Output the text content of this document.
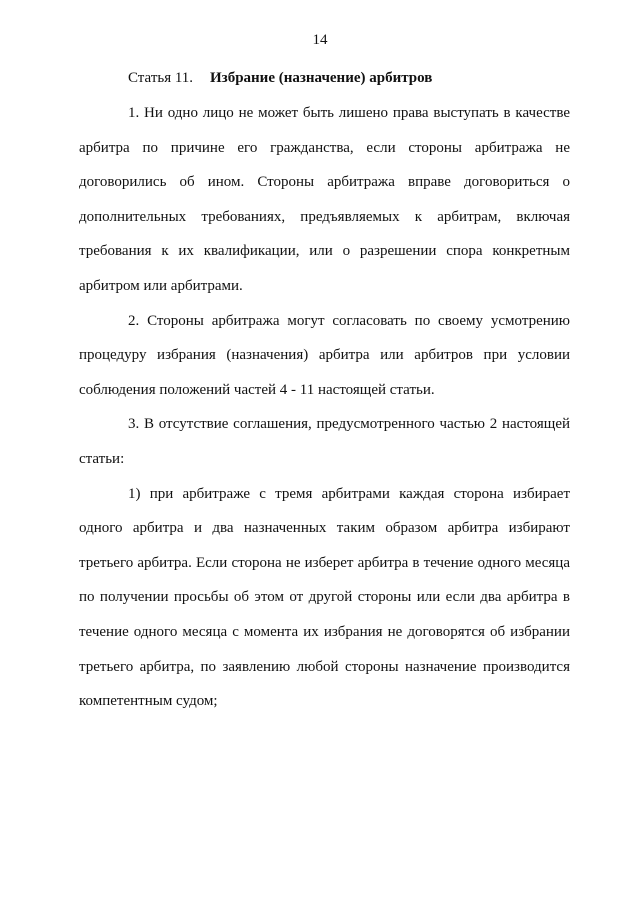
14
Статья 11. Избрание (назначение) арбитров

1. Ни одно лицо не может быть лишено права выступать в качестве арбитра по причине его гражданства, если стороны арбитража не договорились об ином. Стороны арбитража вправе договориться о дополнительных требованиях, предъявляемых к арбитрам, включая требования к их квалификации, или о разрешении спора конкретным арбитром или арбитрами.

2. Стороны арбитража могут согласовать по своему усмотрению процедуру избрания (назначения) арбитра или арбитров при условии соблюдения положений частей 4 - 11 настоящей статьи.

3. В отсутствие соглашения, предусмотренного частью 2 настоящей статьи:

1) при арбитраже с тремя арбитрами каждая сторона избирает одного арбитра и два назначенных таким образом арбитра избирают третьего арбитра. Если сторона не изберет арбитра в течение одного месяца по получении просьбы об этом от другой стороны или если два арбитра в течение одного месяца с момента их избрания не договорятся об избрании третьего арбитра, по заявлению любой стороны назначение производится компетентным судом;
